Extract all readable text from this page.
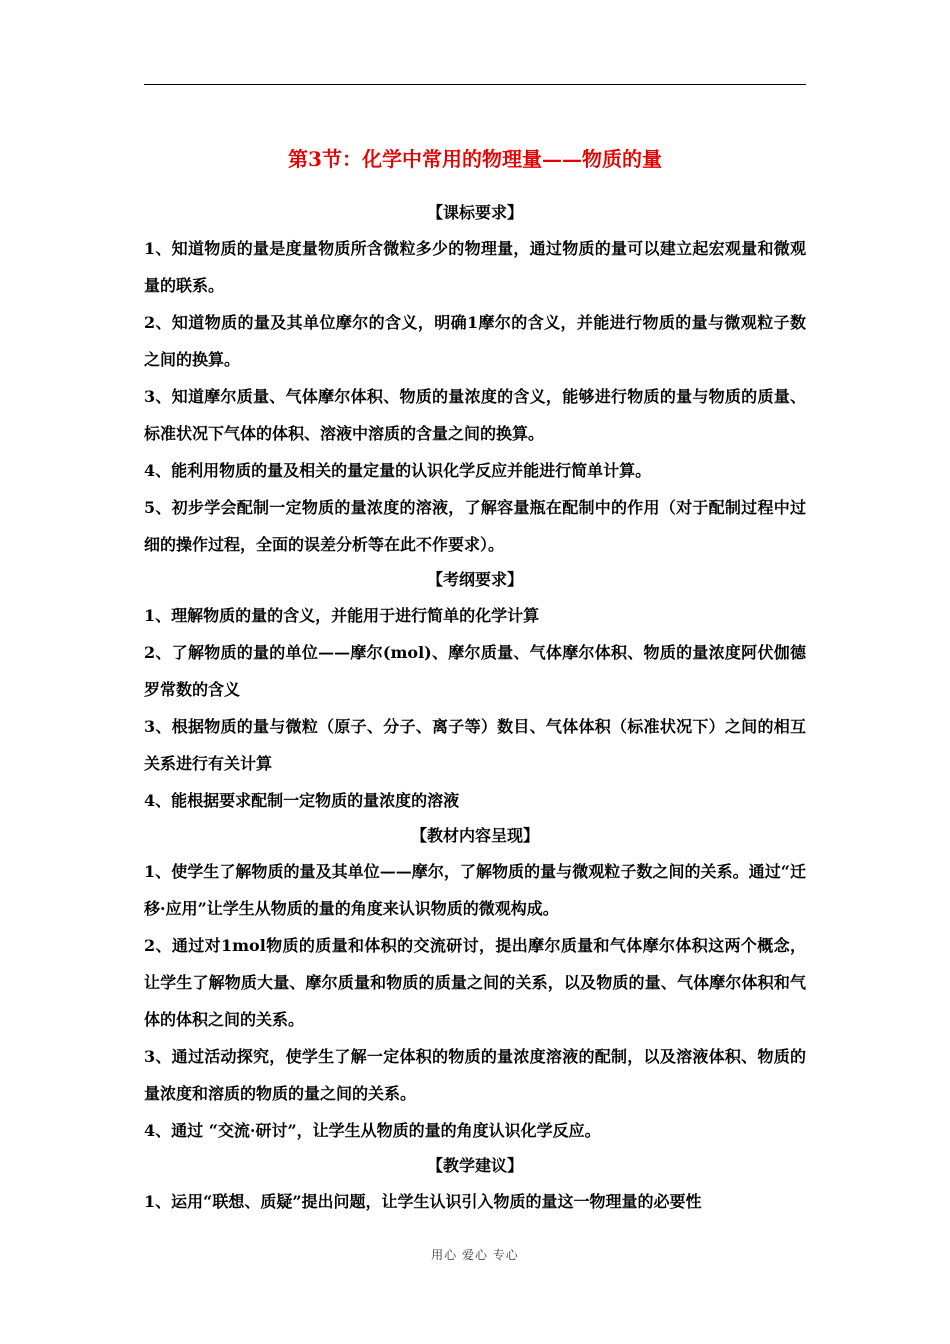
第3节：化学中常用的物理量——物质的量
【课标要求】
1、知道物质的量是度量物质所含微粒多少的物理量，通过物质的量可以建立起宏观量和微观量的联系。
2、知道物质的量及其单位摩尔的含义，明确1摩尔的含义，并能进行物质的量与微观粒子数之间的换算。
3、知道摩尔质量、气体摩尔体积、物质的量浓度的含义，能够进行物质的量与物质的质量、标准状况下气体的体积、溶液中溶质的含量之间的换算。
4、能利用物质的量及相关的量定量的认识化学反应并能进行简单计算。
5、初步学会配制一定物质的量浓度的溶液，了解容量瓶在配制中的作用（对于配制过程中过细的操作过程，全面的误差分析等在此不作要求）。
【考纲要求】
1、理解物质的量的含义，并能用于进行简单的化学计算
2、了解物质的量的单位——摩尔(mol)、摩尔质量、气体摩尔体积、物质的量浓度阿伏伽德罗常数的含义
3、根据物质的量与微粒（原子、分子、离子等）数目、气体体积（标准状况下）之间的相互关系进行有关计算
4、能根据要求配制一定物质的量浓度的溶液
【教材内容呈现】
1、使学生了解物质的量及其单位——摩尔，了解物质的量与微观粒子数之间的关系。通过“迁移·应用”让学生从物质的量的角度来认识物质的微观构成。
2、通过对1mol物质的质量和体积的交流研讨，提出摩尔质量和气体摩尔体积这两个概念，让学生了解物质大量、摩尔质量和物质的质量之间的关系，以及物质的量、气体摩尔体积和气体的体积之间的关系。
3、通过活动探究，使学生了解一定体积的物质的量浓度溶液的配制，以及溶液体积、物质的量浓度和溶质的物质的量之间的关系。
4、通过 “交流·研讨”，让学生从物质的量的角度认识化学反应。
【教学建议】
1、运用“联想、质疑”提出问题，让学生认识引入物质的量这一物理量的必要性
用心 爱心 专心
